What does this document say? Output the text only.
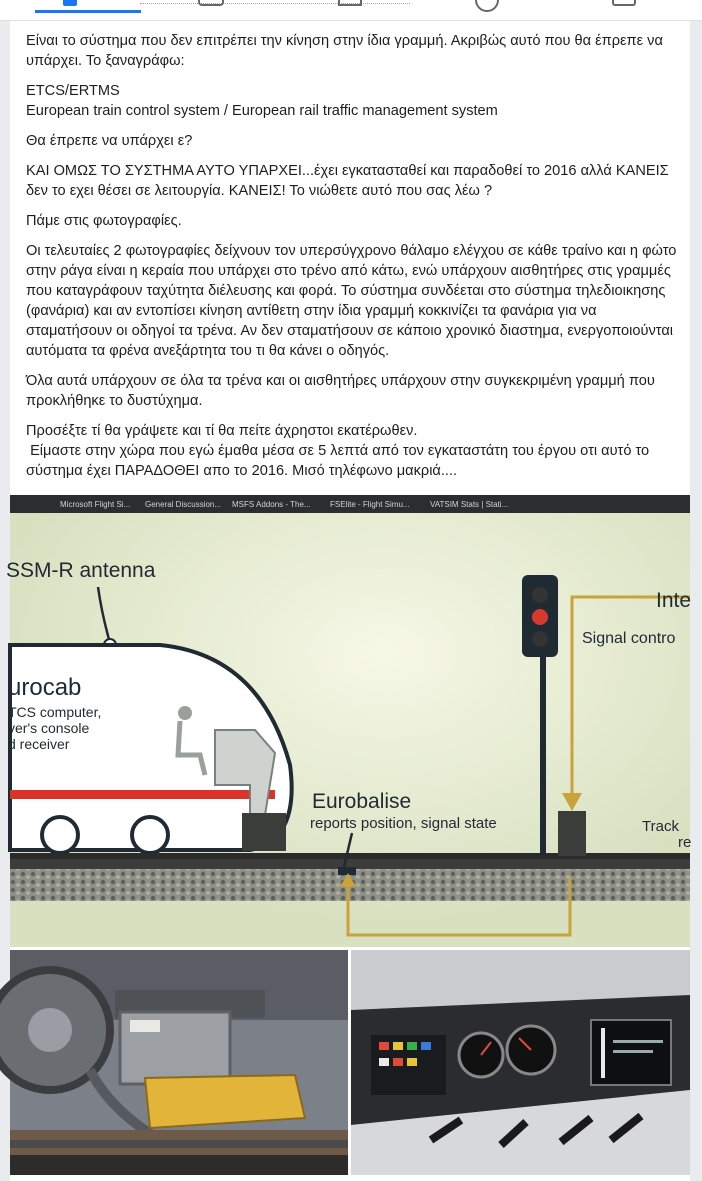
Είναι το σύστημα που δεν επιτρέπει την κίνηση στην ίδια γραμμή. Ακριβώς αυτό που θα έπρεπε να υπάρχει. Το ξαναγράφω:

ETCS/ERTMS

European train control system / European rail traffic management system

Θα έπρεπε να υπάρχει ε?

ΚΑΙ ΟΜΩΣ ΤΟ ΣΥΣΤΗΜΑ ΑΥΤΟ ΥΠΑΡΧΕΙ...έχει εγκατασταθεί και παραδοθεί το 2016 αλλά ΚΑΝΕΙΣ δεν το εχει θέσει σε λειτουργία. ΚΑΝΕΙΣ! Το νιώθετε αυτό που σας λέω ?

Πάμε στις φωτογραφίες.

Οι τελευταίες 2 φωτογραφίες δείχνουν τον υπερσύγχρονο θάλαμο ελέγχου σε κάθε τραίνο και η φώτο στην ράγα είναι η κεραία που υπάρχει στο τρένο από κάτω, ενώ υπάρχουν αισθητήρες στις γραμμές που καταγράφουν ταχύτητα διέλευσης και φορά. Το σύστημα συνδέεται στο σύστημα τηλεδιοικησης (φανάρια) και αν εντοπίσει κίνηση αντίθετη στην ίδια γραμμή κοκκινίζει τα φανάρια για να σταματήσουν οι οδηγοί τα τρένα. Αν δεν σταματήσουν σε κάποιο χρονικό διαστημα, ενεργοποιούνται αυτόματα τα φρένα ανεξάρτητα του τι θα κάνει ο οδηγός.

Όλα αυτά υπάρχουν σε όλα τα τρένα και οι αισθητήρες υπάρχουν στην συγκεκριμένη γραμμή που προκλήθηκε το δυστύχημα.

Προσέξτε τί θα γράψετε και τί θα πείτε άχρηστοι εκατέρωθεν.

Είμαστε στην χώρα που εγώ έμαθα μέσα σε 5 λεπτά από τον εγκαταστάτη του έργου οτι αυτό το σύστημα έχει ΠΑΡΑΔΟΘΕΙ απο το 2016. Μισό τηλέφωνο μακριά....

Microsoft Flight Si... General Discussion... MSFS Addons - The... FSElite - Flight Simu...	VATSIM Stats | Stati...
SSM-R antenna
urocab
TCS computer,
ver's console
d receiver
Eurobalise
reports position, signal state
Inte
Signal contro
Track
re
